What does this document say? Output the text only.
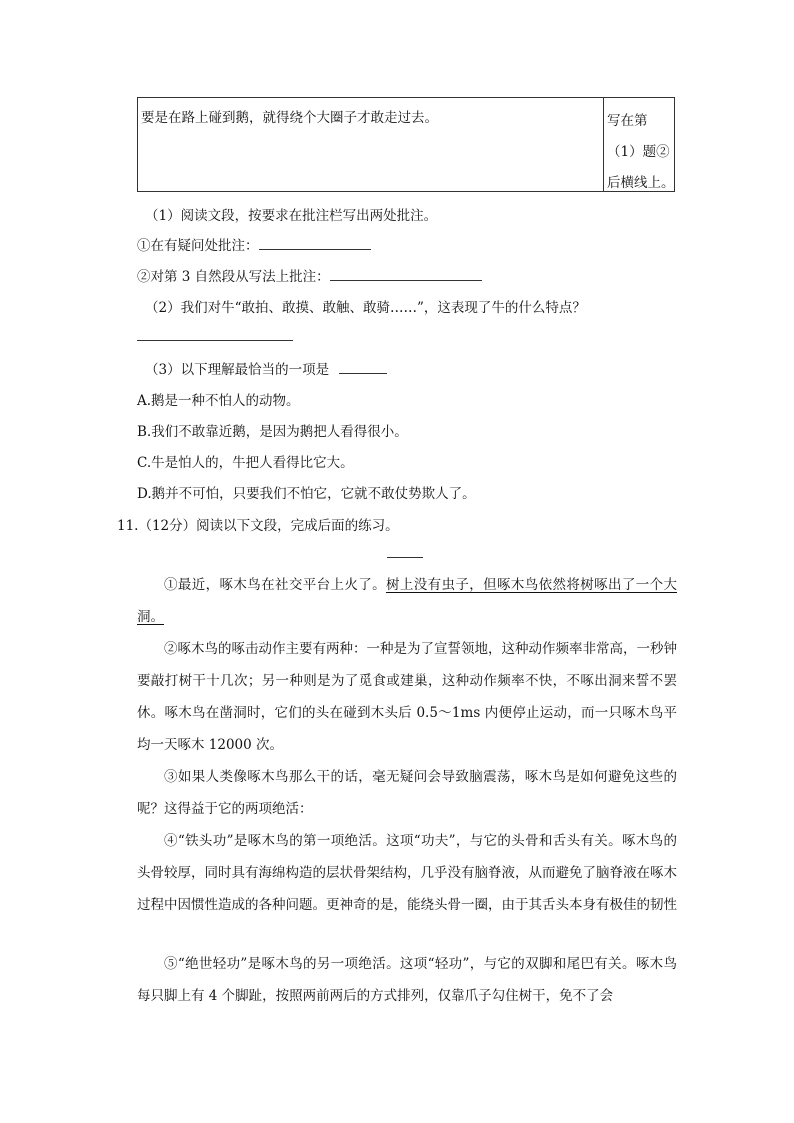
要是在路上碰到鹅，就得绕个大圈子才敢走过去。	写在第（1）题②后横线上。
（1）阅读文段，按要求在批注栏写出两处批注。
①在有疑问处批注：
②对第 3 自然段从写法上批注：
（2）我们对牛“敢拍、敢摸、敢触、敢骑……”，这表现了牛的什么特点？
（3）以下理解最恰当的一项是
A.鹅是一种不怕人的动物。
B.我们不敢靠近鹅，是因为鹅把人看得很小。
C.牛是怕人的，牛把人看得比它大。
D.鹅并不可怕，只要我们不怕它，它就不敢仗势欺人了。
11.（12分）阅读以下文段，完成后面的练习。
①最近，啄木鸟在社交平台上火了。树上没有虫子，但啄木鸟依然将树啄出了一个大洞。
②啄木鸟的啄击动作主要有两种：一种是为了宣誓领地，这种动作频率非常高，一秒钟要敲打树干十几次；另一种则是为了觅食或建巢，这种动作频率不快，不啄出洞来誓不罢休。啄木鸟在凿洞时，它们的头在碰到木头后 0.5～1ms 内便停止运动，而一只啄木鸟平均一天啄木 12000 次。
③如果人类像啄木鸟那么干的话，毫无疑问会导致脑震荡，啄木鸟是如何避免这些的呢？这得益于它的两项绝活：
④“铁头功”是啄木鸟的第一项绝活。这项“功夫”，与它的头骨和舌头有关。啄木鸟的头骨较厚，同时具有海绵构造的层状骨架结构，几乎没有脑脊液，从而避免了脑脊液在啄木过程中因惯性造成的各种问题。更神奇的是，能绕头骨一圈，由于其舌头本身有极佳的韧性
⑤“绝世轻功”是啄木鸟的另一项绝活。这项“轻功”，与它的双脚和尾巴有关。啄木鸟每只脚上有 4 个脚趾，按照两前两后的方式排列，仅靠爪子勾住树干，免不了会
